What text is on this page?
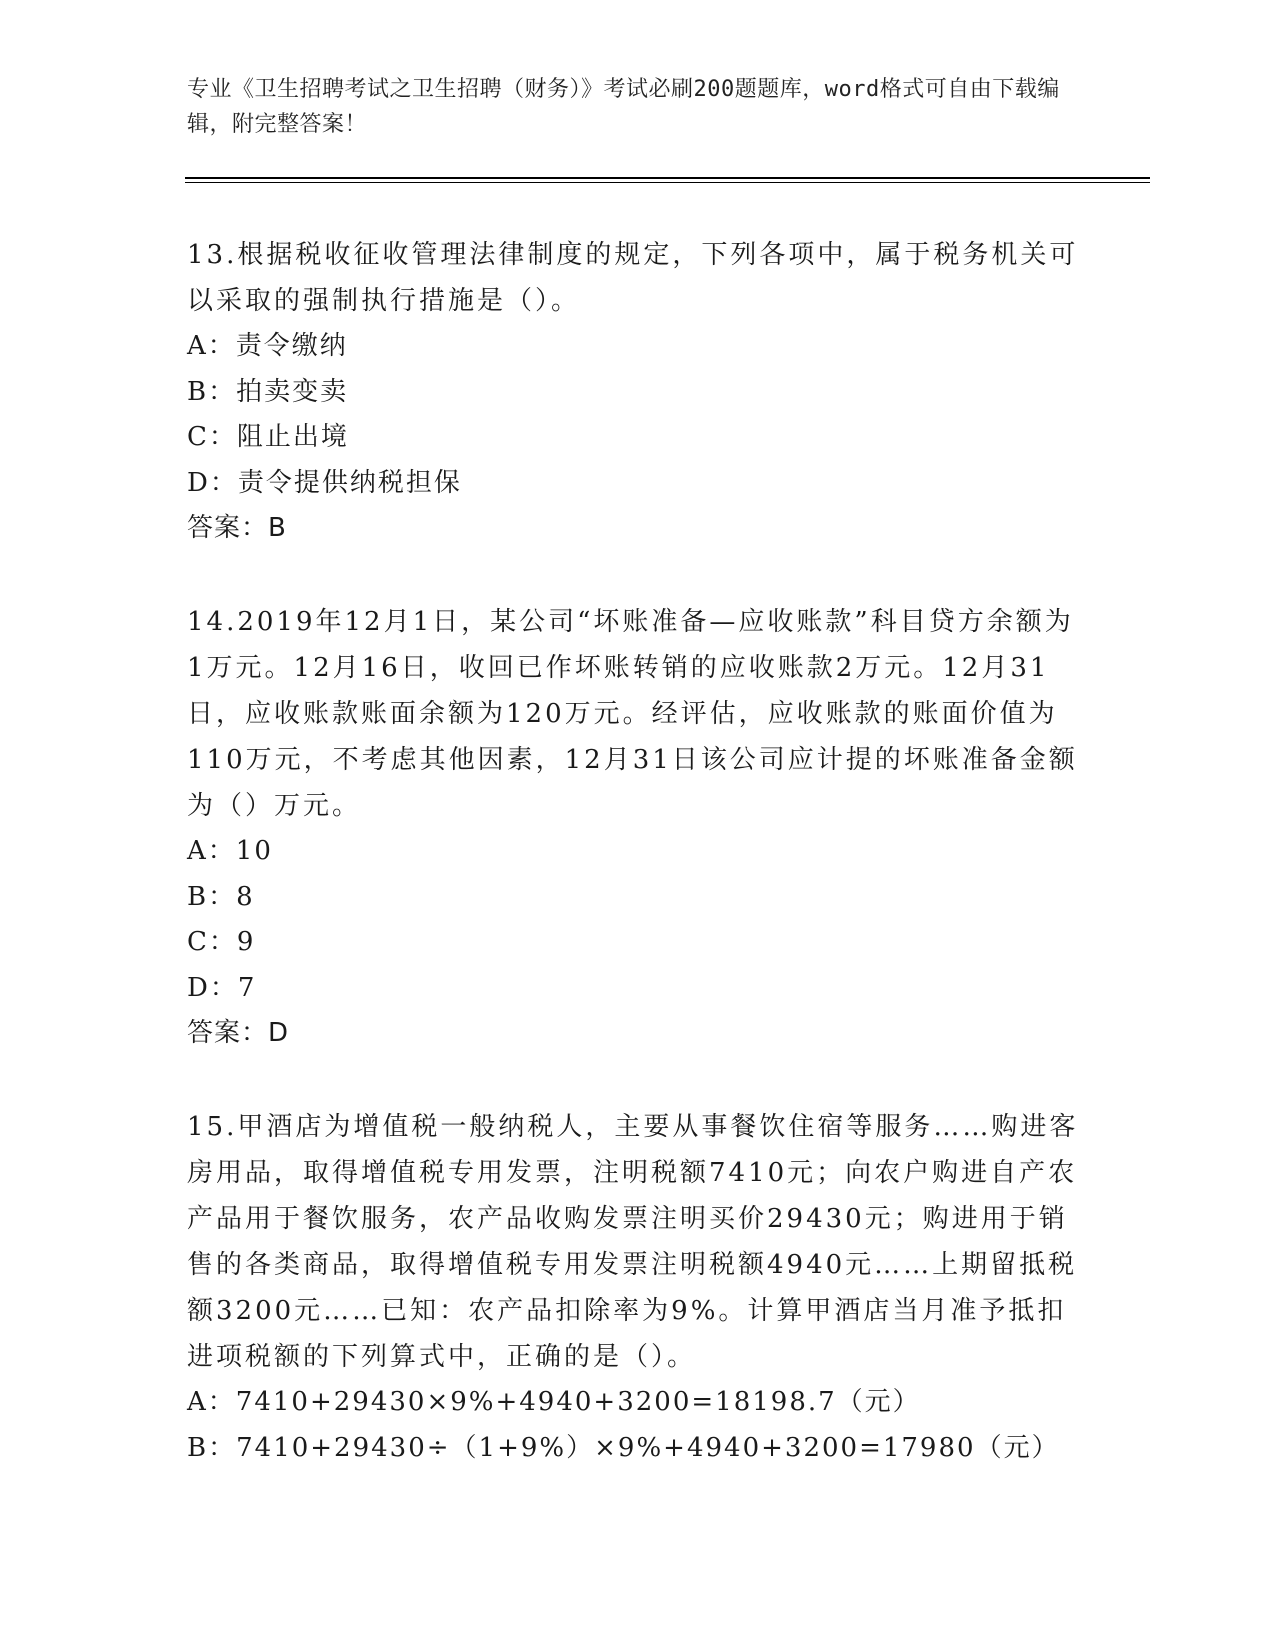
专业《卫生招聘考试之卫生招聘（财务）》考试必刷200题题库，word格式可自由下载编辑，附完整答案！

13.根据税收征收管理法律制度的规定，下列各项中，属于税务机关可以采取的强制执行措施是（）。

A：责令缴纳

B：拍卖变卖

C：阻止出境

D：责令提供纳税担保

答案：B

14.2019年12月1日，某公司“坏账准备—应收账款”科目贷方余额为1万元。12月16日，收回已作坏账转销的应收账款2万元。12月31日，应收账款账面余额为120万元。经评估，应收账款的账面价值为110万元，不考虑其他因素，12月31日该公司应计提的坏账准备金额为（）万元。

A：10

B：8

C：9

D：7

答案：D

15.甲酒店为增值税一般纳税人，主要从事餐饮住宿等服务……购进客房用品，取得增值税专用发票，注明税额7410元；向农户购进自产农产品用于餐饮服务，农产品收购发票注明买价29430元；购进用于销售的各类商品，取得增值税专用发票注明税额4940元……上期留抵税额3200元……已知：农产品扣除率为9%。计算甲酒店当月准予抵扣进项税额的下列算式中，正确的是（）。

A：7410+29430×9%+4940+3200=18198.7（元）

B：7410+29430÷（1+9%）×9%+4940+3200=17980（元）
